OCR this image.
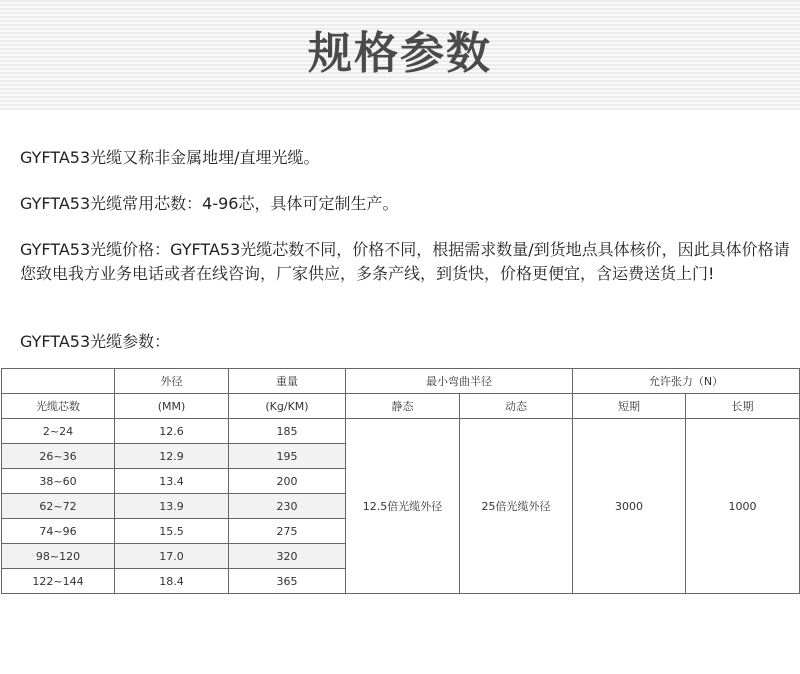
规格参数
GYFTA53光缆又称非金属地埋/直埋光缆。
GYFTA53光缆常用芯数：4-96芯，具体可定制生产。
GYFTA53光缆价格：GYFTA53光缆芯数不同，价格不同，根据需求数量/到货地点具体核价，因此具体价格请您致电我方业务电话或者在线咨询，厂家供应，多条产线，到货快，价格更便宜，含运费送货上门!
GYFTA53光缆参数：
	外径	重量	最小弯曲半径		允许张力（N）	
光缆芯数	(MM)	(Kg/KM)	静态	动态	短期	长期
2~24	12.6	185	12.5倍光缆外径	25倍光缆外径	3000	1000
26~36	12.9	195				
38~60	13.4	200				
62~72	13.9	230				
74~96	15.5	275				
98~120	17.0	320				
122~144	18.4	365				
